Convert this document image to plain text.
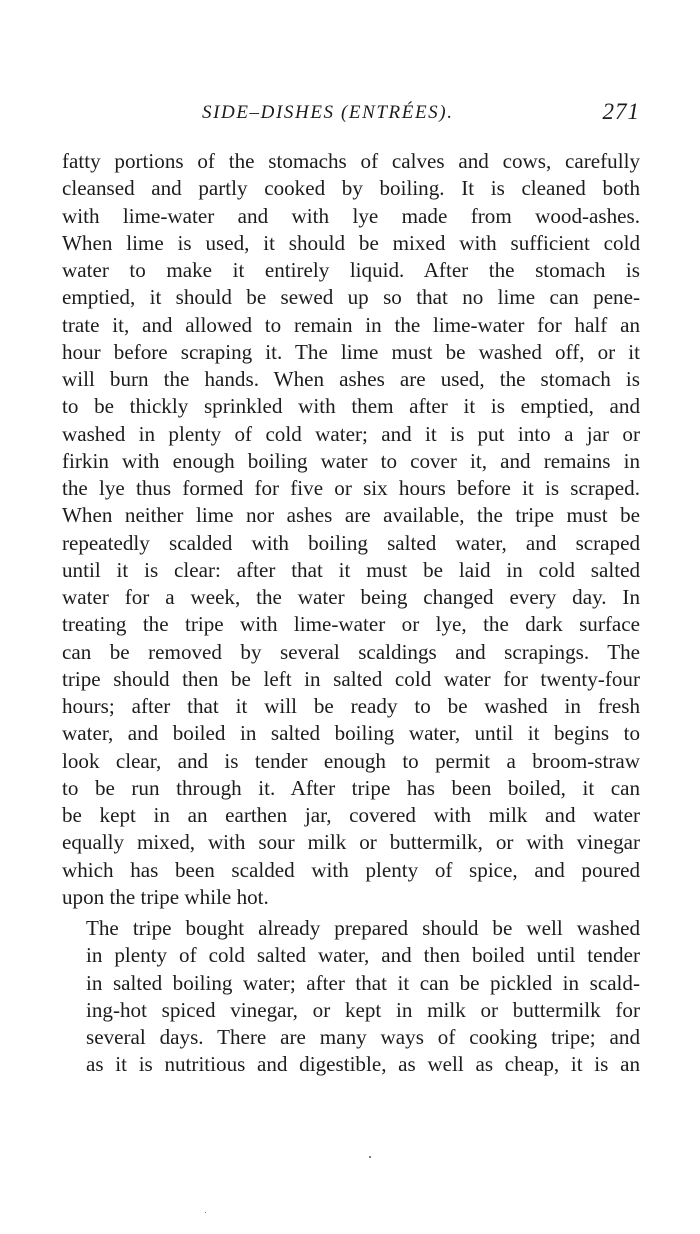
SIDE–DISHES (ENTRÉES).	271

fatty portions of the stomachs of calves and cows, carefully
cleansed and partly cooked by boiling. It is cleaned both
with lime-water and with lye made from wood-ashes.
When lime is used, it should be mixed with sufficient cold
water to make it entirely liquid. After the stomach is
emptied, it should be sewed up so that no lime can pene-
trate it, and allowed to remain in the lime-water for half an
hour before scraping it. The lime must be washed off, or it
will burn the hands. When ashes are used, the stomach is
to be thickly sprinkled with them after it is emptied, and
washed in plenty of cold water; and it is put into a jar or
firkin with enough boiling water to cover it, and remains in
the lye thus formed for five or six hours before it is scraped.
When neither lime nor ashes are available, the tripe must be
repeatedly scalded with boiling salted water, and scraped
until it is clear: after that it must be laid in cold salted
water for a week, the water being changed every day. In
treating the tripe with lime-water or lye, the dark surface
can be removed by several scaldings and scrapings. The
tripe should then be left in salted cold water for twenty-four
hours; after that it will be ready to be washed in fresh
water, and boiled in salted boiling water, until it begins to
look clear, and is tender enough to permit a broom-straw
to be run through it. After tripe has been boiled, it can
be kept in an earthen jar, covered with milk and water
equally mixed, with sour milk or buttermilk, or with vinegar
which has been scalded with plenty of spice, and poured
upon the tripe while hot.

The tripe bought already prepared should be well washed
in plenty of cold salted water, and then boiled until tender
in salted boiling water; after that it can be pickled in scald-
ing-hot spiced vinegar, or kept in milk or buttermilk for
several days. There are many ways of cooking tripe; and
as it is nutritious and digestible, as well as cheap, it is an
